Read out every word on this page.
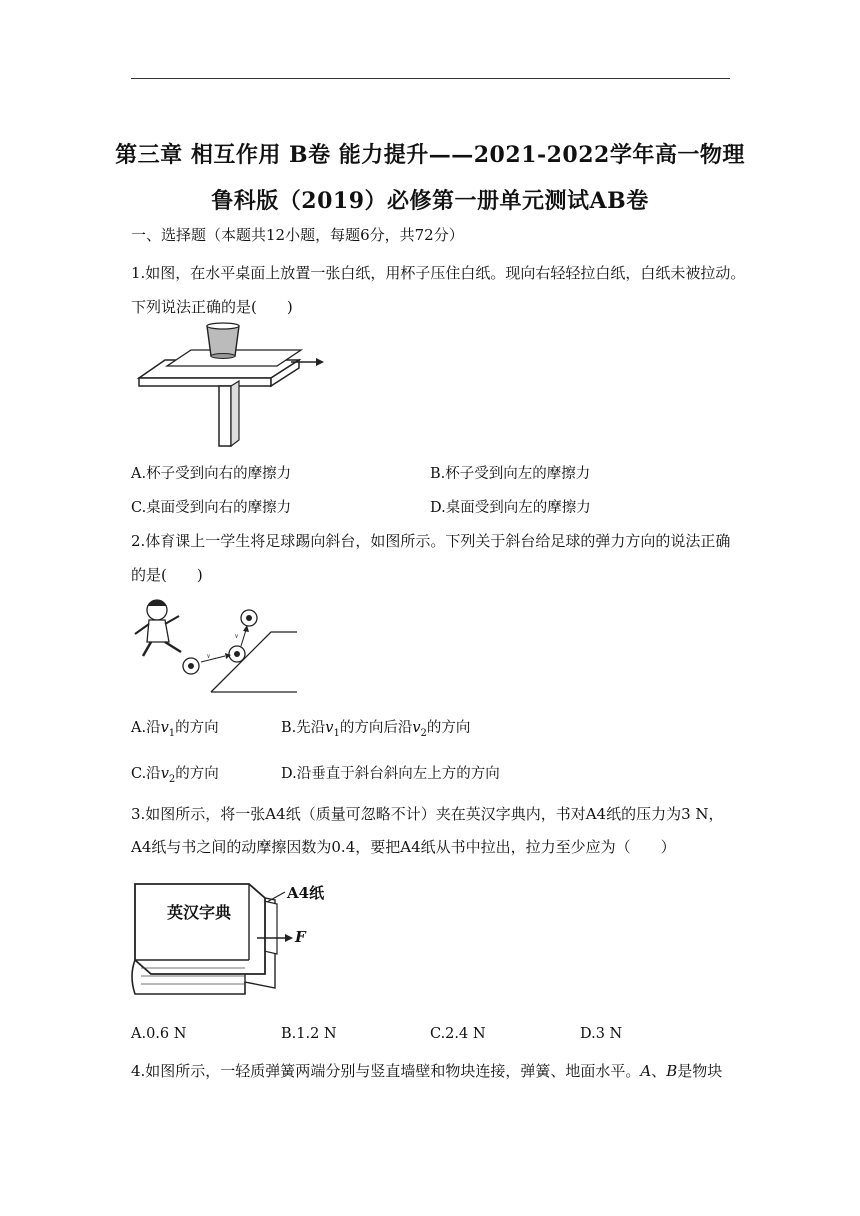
第三章 相互作用 B卷 能力提升——2021-2022学年高一物理
鲁科版（2019）必修第一册单元测试AB卷
一、选择题（本题共12小题，每题6分，共72分）
1.如图，在水平桌面上放置一张白纸，用杯子压住白纸。现向右轻轻拉白纸，白纸未被拉动。
下列说法正确的是(　　)
A.杯子受到向右的摩擦力	B.杯子受到向左的摩擦力
C.桌面受到向右的摩擦力	D.桌面受到向左的摩擦力
2.体育课上一学生将足球踢向斜台，如图所示。下列关于斜台给足球的弹力方向的说法正确
的是(　　)
v
v
A.沿$v_1$的方向	B.先沿$v_1$的方向后沿$v_2$的方向
C.沿$v_2$的方向	D.沿垂直于斜台斜向左上方的方向
3.如图所示，将一张A4纸（质量可忽略不计）夹在英汉字典内，书对A4纸的压力为3 N，
A4纸与书之间的动摩擦因数为0.4，要把A4纸从书中拉出，拉力至少应为（　　）
英汉字典
A4纸
F
A.0.6 N	B.1.2 N	C.2.4 N	D.3 N
4.如图所示，一轻质弹簧两端分别与竖直墙壁和物块连接，弹簧、地面水平。A、B是物块
